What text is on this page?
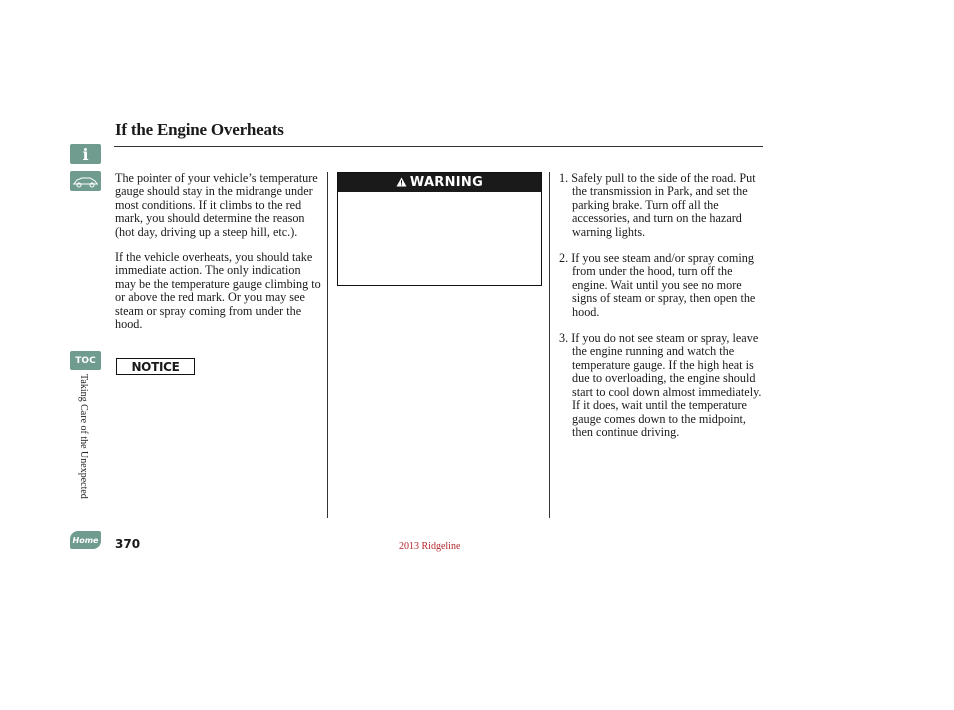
If the Engine Overheats
i
TOC
Taking Care of the Unexpected
Home

The pointer of your vehicle’s temperature gauge should stay in the midrange under most conditions. If it climbs to the red mark, you should determine the reason (hot day, driving up a steep hill, etc.).

If the vehicle overheats, you should take immediate action. The only indication may be the temperature gauge climbing to or above the red mark. Or you may see steam or spray coming from under the hood.

NOTICE
WARNING	1. Safely pull to the side of the road. Put the transmission in Park, and set the parking brake. Turn off all the accessories, and turn on the hazard warning lights.

2. If you see steam and/or spray coming from under the hood, turn off the engine. Wait until you see no more signs of steam or spray, then open the hood.

3. If you do not see steam or spray, leave the engine running and watch the temperature gauge. If the high heat is due to overloading, the engine should start to cool down almost immediately. If it does, wait until the temperature gauge comes down to the midpoint, then continue driving.

370	2013 Ridgeline
